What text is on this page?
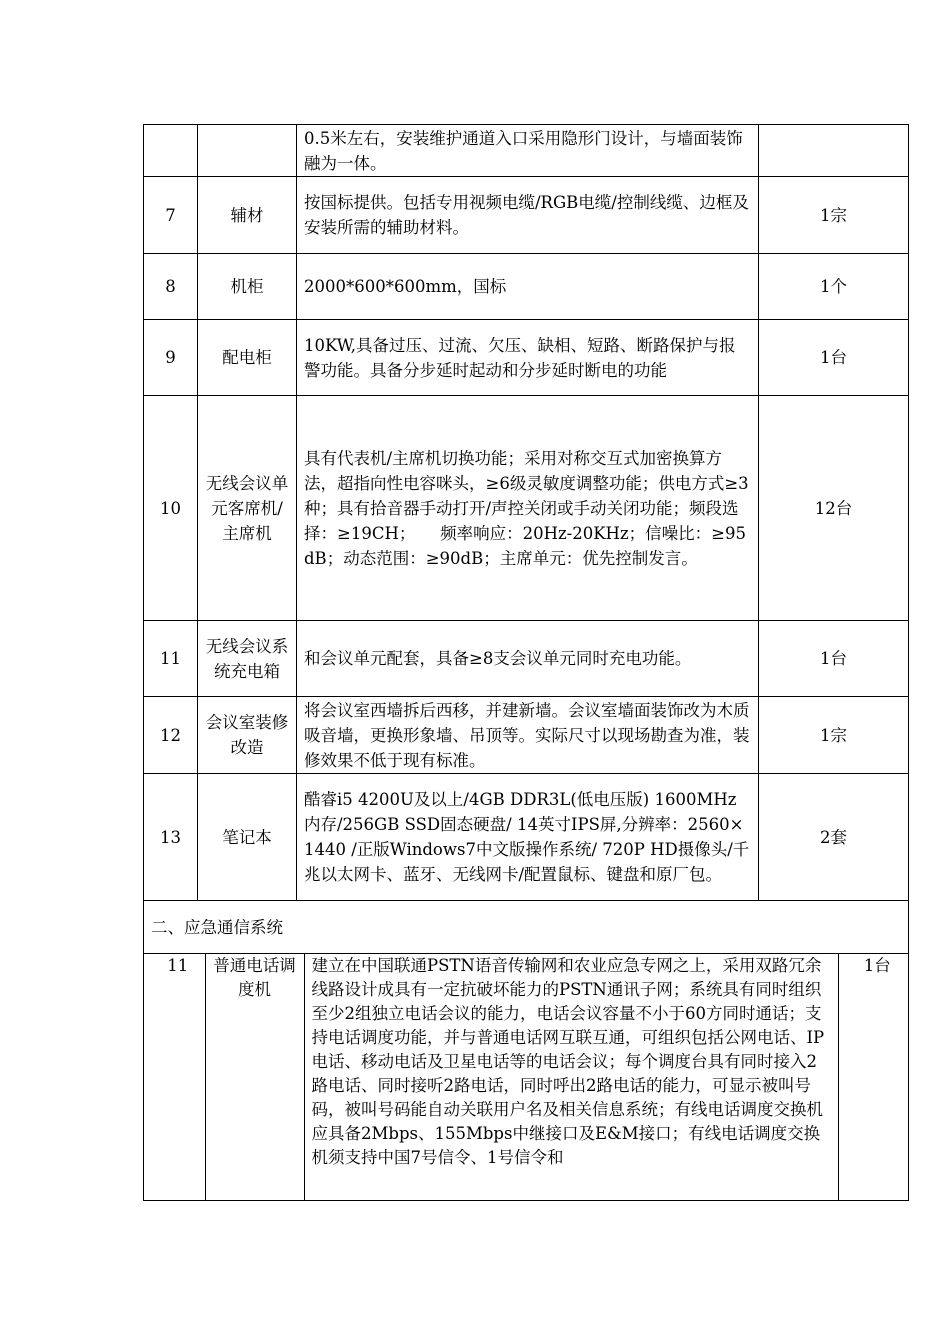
		0.5米左右，安装维护通道入口采用隐形门设计，与墙面装饰融为一体。	
7	辅材	按国标提供。包括专用视频电缆/RGB电缆/控制线缆、边框及安装所需的辅助材料。	1宗
8	机柜	2000*600*600mm，国标	1个
9	配电柜	10KW,具备过压、过流、欠压、缺相、短路、断路保护与报警功能。具备分步延时起动和分步延时断电的功能	1台
10	无线会议单元客席机/主席机	具有代表机/主席机切换功能；采用对称交互式加密换算方法，超指向性电容咪头，≥6级灵敏度调整功能；供电方式≥3种；具有拾音器手动打开/声控关闭或手动关闭功能；频段选择：≥19CH；　　频率响应：20Hz-20KHz；信噪比：≥95dB；动态范围：≥90dB；主席单元：优先控制发言。	12台
11	无线会议系统充电箱	和会议单元配套，具备≥8支会议单元同时充电功能。	1台
12	会议室装修改造	将会议室西墙拆后西移，并建新墙。会议室墙面装饰改为木质吸音墙，更换形象墙、吊顶等。实际尺寸以现场勘查为准，装修效果不低于现有标准。	1宗
13	笔记本	酷睿i5 4200U及以上/4GB DDR3L(低电压版) 1600MHz内存/256GB SSD固态硬盘/ 14英寸IPS屏,分辨率：2560×1440 /正版Windows7中文版操作系统/ 720P HD摄像头/千兆以太网卡、蓝牙、无线网卡/配置鼠标、键盘和原厂包。	2套
二、应急通信系统

11	普通电话调度机	建立在中国联通PSTN语音传输网和农业应急专网之上，采用双路冗余线路设计成具有一定抗破坏能力的PSTN通讯子网；系统具有同时组织至少2组独立电话会议的能力，电话会议容量不小于60方同时通话；支持电话调度功能，并与普通电话网互联互通，可组织包括公网电话、IP电话、移动电话及卫星电话等的电话会议；每个调度台具有同时接入2路电话、同时接听2路电话，同时呼出2路电话的能力，可显示被叫号码，被叫号码能自动关联用户名及相关信息系统；有线电话调度交换机应具备2Mbps、155Mbps中继接口及E&M接口；有线电话调度交换机须支持中国7号信令、1号信令和	1台
